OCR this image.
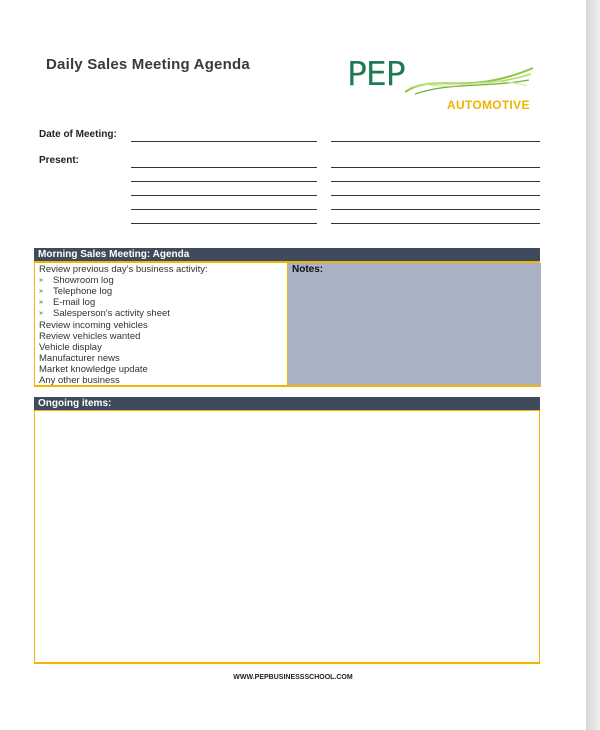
Daily Sales Meeting Agenda	PEP
AUTOMOTIVE
Date of Meeting:
Present:
Morning Sales Meeting: Agenda
Review previous day's business activity:
» Showroom log
» Telephone log
» E-mail log
» Salesperson's activity sheet
Review incoming vehicles
Review vehicles wanted
Vehicle display
Manufacturer news
Market knowledge update
Any other business
Notes:
Ongoing items:
WWW.PEPBUSINESSSCHOOL.COM
